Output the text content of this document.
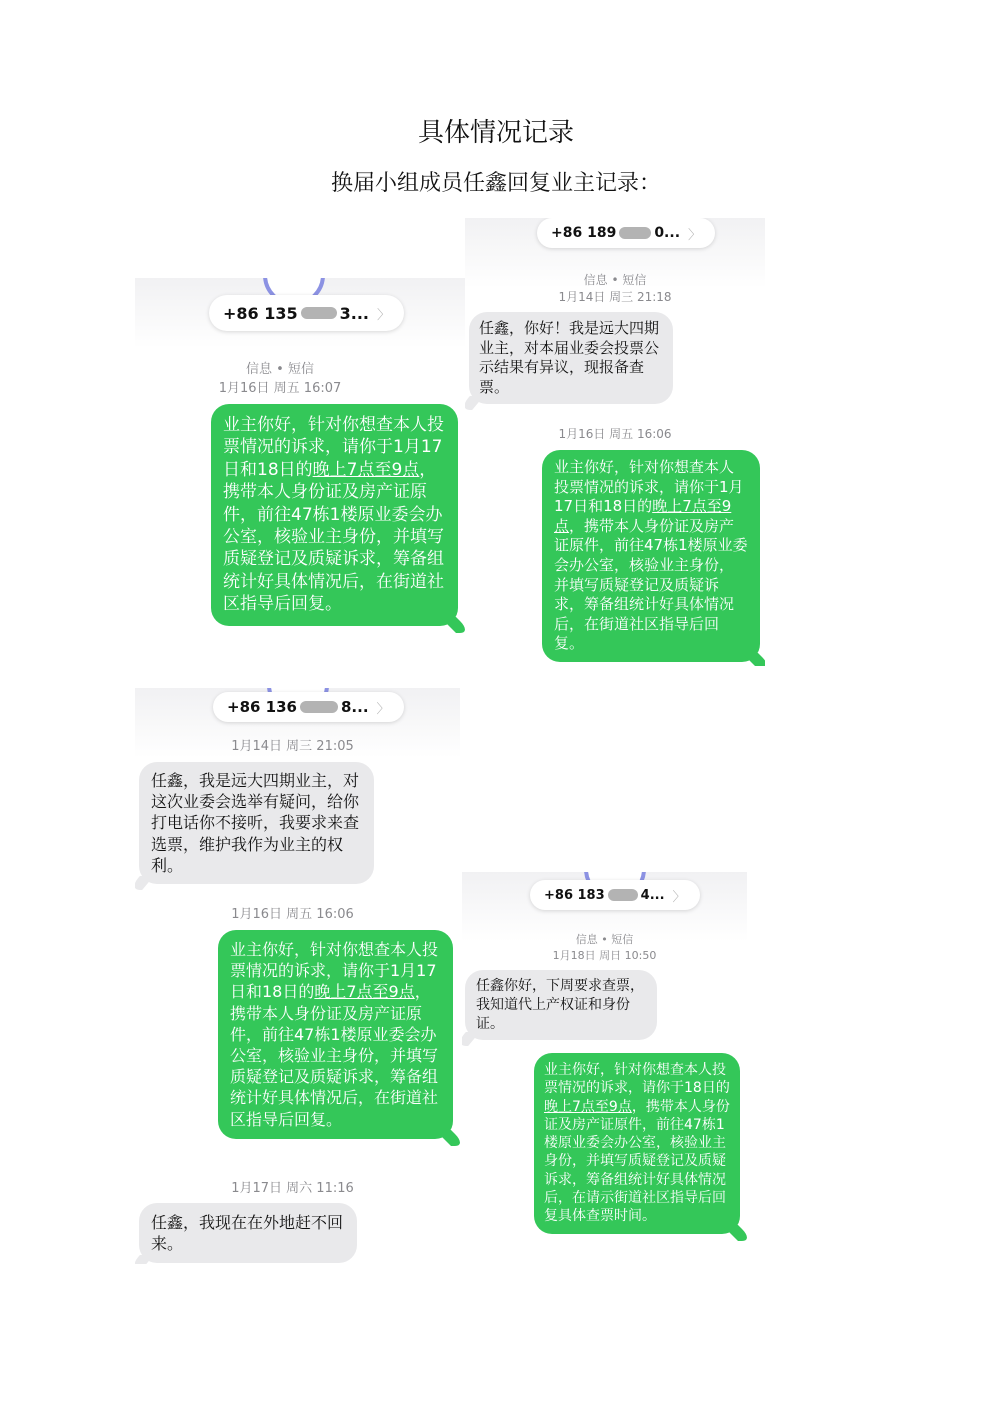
具体情况记录
换届小组成员任鑫回复业主记录：
+86 135	3... 〉
信息 • 短信
1月16日 周五 16:07
业主你好，针对你想查本人投票情况的诉求，请你于1月17日和18日的晚上7点至9点，携带本人身份证及房产证原件，前往47栋1楼原业委会办公室，核验业主身份，并填写质疑登记及质疑诉求，筹备组统计好具体情况后，在街道社区指导后回复。
+86 189	0... 〉
信息 • 短信
1月14日 周三 21:18
任鑫，你好！我是远大四期业主，对本届业委会投票公示结果有异议，现报备查票。
1月16日 周五 16:06
业主你好，针对你想查本人投票情况的诉求，请你于1月17日和18日的晚上7点至9点，携带本人身份证及房产证原件，前往47栋1楼原业委会办公室，核验业主身份，并填写质疑登记及质疑诉求，筹备组统计好具体情况后，在街道社区指导后回复。
+86 136	8... 〉
1月14日 周三 21:05
任鑫，我是远大四期业主，对这次业委会选举有疑问，给你打电话你不接听，我要求来查选票，维护我作为业主的权利。
1月16日 周五 16:06
业主你好，针对你想查本人投票情况的诉求，请你于1月17日和18日的晚上7点至9点，携带本人身份证及房产证原件，前往47栋1楼原业委会办公室，核验业主身份，并填写质疑登记及质疑诉求，筹备组统计好具体情况后，在街道社区指导后回复。
1月17日 周六 11:16
任鑫，我现在在外地赶不回来。
+86 183	4... 〉
信息 • 短信
1月18日 周日 10:50
任鑫你好，下周要求查票，我知道代上产权证和身份证。
业主你好，针对你想查本人投票情况的诉求，请你于18日的晚上7点至9点，携带本人身份证及房产证原件，前往47栋1楼原业委会办公室，核验业主身份，并填写质疑登记及质疑诉求，筹备组统计好具体情况后，在请示街道社区指导后回复具体查票时间。
